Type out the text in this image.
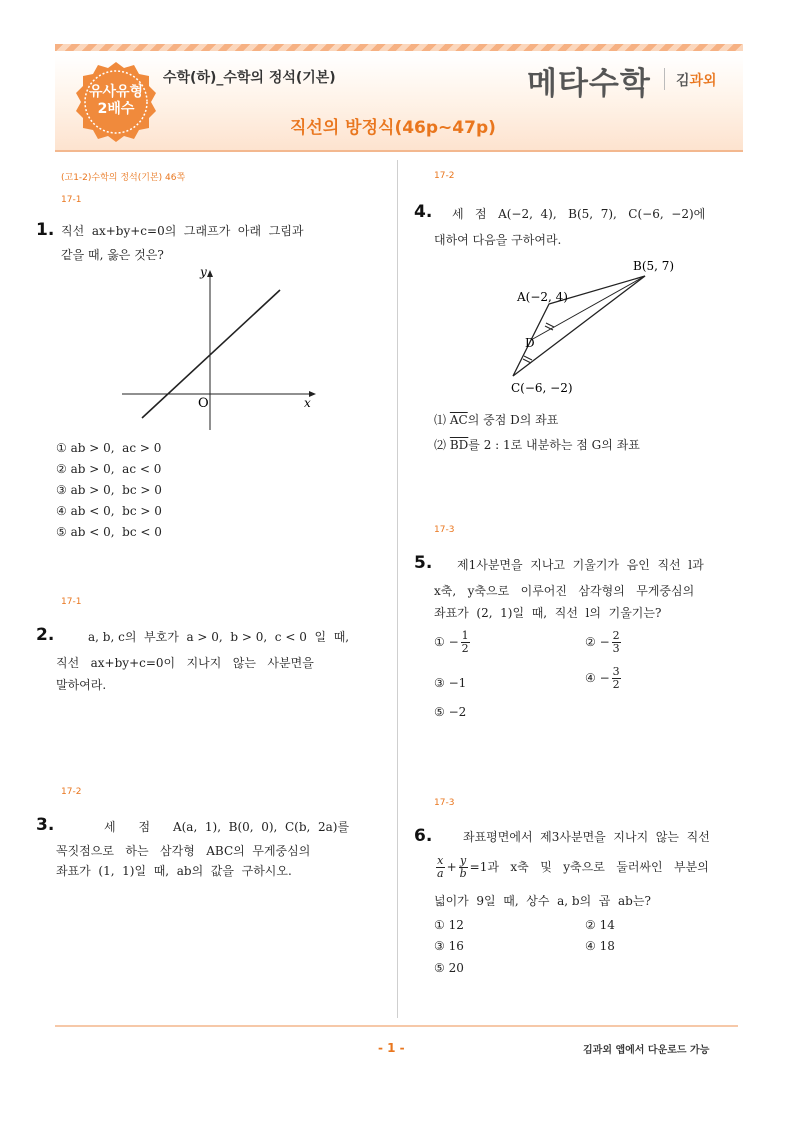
유사유형
2배수
수학(하)_수학의 정석(기본)	메타수학 김과외
직선의 방정식(46p~47p)
(고1-2)수학의 정석(기본) 46쪽
17-1
1. 직선  ax+by+c=0의  그래프가  아래  그림과
같을 때, 옳은 것은?
x
y
O
① ab > 0,  ac > 0
② ab > 0,  ac < 0
③ ab > 0,  bc > 0
④ ab < 0,  bc > 0
⑤ ab < 0,  bc < 0
17-1
2.	a, b, c의  부호가  a > 0,  b > 0,  c < 0  일  때,
직선   ax+by+c=0이   지나지   않는   사분면을
말하여라.
17-2
3.	세      점      A(a,  1),  B(0,  0),  C(b,  2a)를
꼭짓점으로   하는   삼각형   ABC의  무게중심의
좌표가  (1,  1)일  때,  ab의  값을  구하시오.
17-2
4. 세   점   A(−2,  4),   B(5,  7),   C(−6,  −2)에
대하여 다음을 구하여라.
A(−2, 4)
B(5, 7)
C(−6, −2)
D
⑴ $\overline{AC}$의 중점 D의 좌표
⑵ $\overline{BD}$를 2 : 1로 내분하는 점 G의 좌표
17-3
5. 제1사분면을  지나고  기울기가  음인  직선  l과
x축,   y축으로   이루어진   삼각형의   무게중심의
좌표가  (2,  1)일  때,  직선  l의  기울기는?
① − $\frac{1}{2}$	② − $\frac{2}{3}$
③ −1	④ − $\frac{3}{2}$
⑤ −2
17-3
6.	좌표평면에서  제3사분면을  지나지  않는  직선
$\frac{x}{a} + \frac{y}{b} =1$과   x축   및   y축으로   둘러싸인   부분의
넓이가  9일  때,  상수  a, b의  곱  ab는?
① 12	② 14
③ 16	④ 18
⑤ 20
- 1 -	김과외 앱에서 다운로드 가능
